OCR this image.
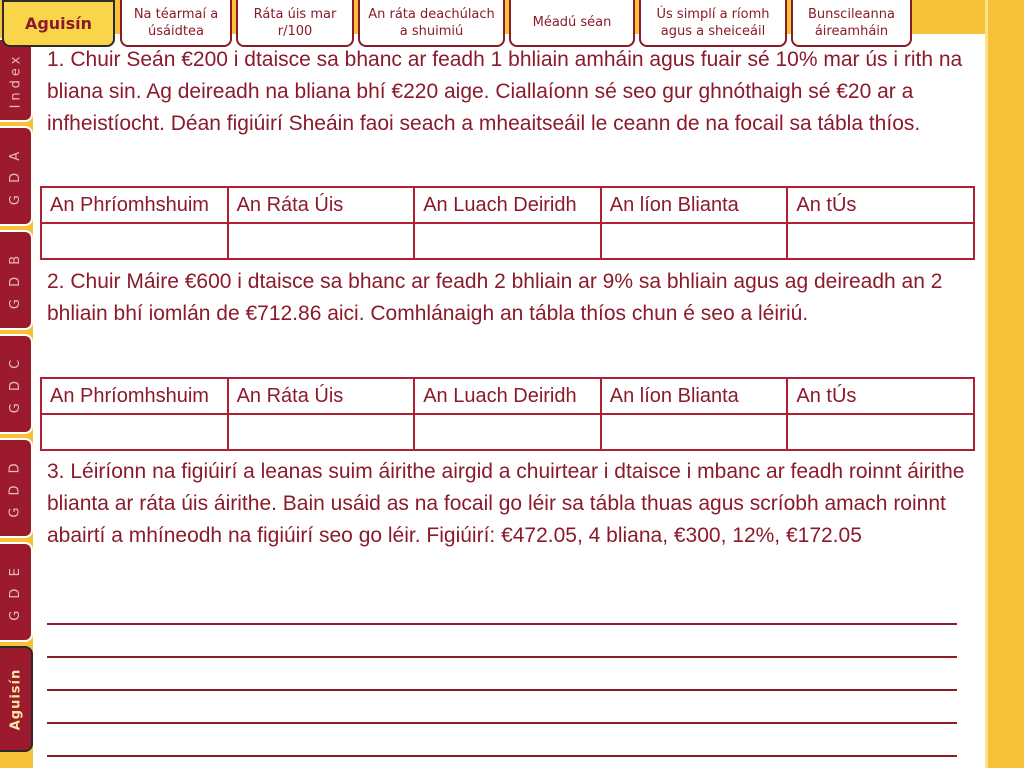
Index
G D A
G D B
G D C
G D D
G D E
Aguisín
Aguisín	Na téarmaí a úsáidtea
Ráta úis mar r/100
An ráta deachúlach a shuimiú
Méadú séan
Ús simplí a ríomh agus a sheiceáil
Bunscileanna áireamháin

1. Chuir Seán €200 i dtaisce sa bhanc ar feadh 1 bhliain amháin agus fuair sé 10% mar ús i rith na bliana sin. Ag deireadh na bliana bhí €220 aige. Ciallaíonn sé seo gur ghnóthaigh sé €20 ar a infheistíocht. Déan figiúirí Sheáin faoi seach a mheaitseáil le ceann de na focail sa tábla thíos.

An Phríomhshuim	An Ráta Úis	An Luach Deiridh	An líon Blianta	An tÚs

2. Chuir Máire €600 i dtaisce sa bhanc ar feadh 2 bhliain ar 9% sa bhliain agus ag deireadh an 2 bhliain bhí iomlán de €712.86 aici. Comhlánaigh an tábla thíos chun é seo a léiriú.

An Phríomhshuim	An Ráta Úis	An Luach Deiridh	An líon Blianta	An tÚs

3. Léiríonn na figiúirí a leanas suim áirithe airgid a chuirtear i dtaisce i mbanc ar feadh roinnt áirithe blianta ar ráta úis áirithe. Bain usáid as na focail go léir sa tábla thuas agus scríobh amach roinnt abairtí a mhíneodh na figiúirí seo go léir. Figiúirí: €472.05, 4 bliana, €300, 12%, €172.05
